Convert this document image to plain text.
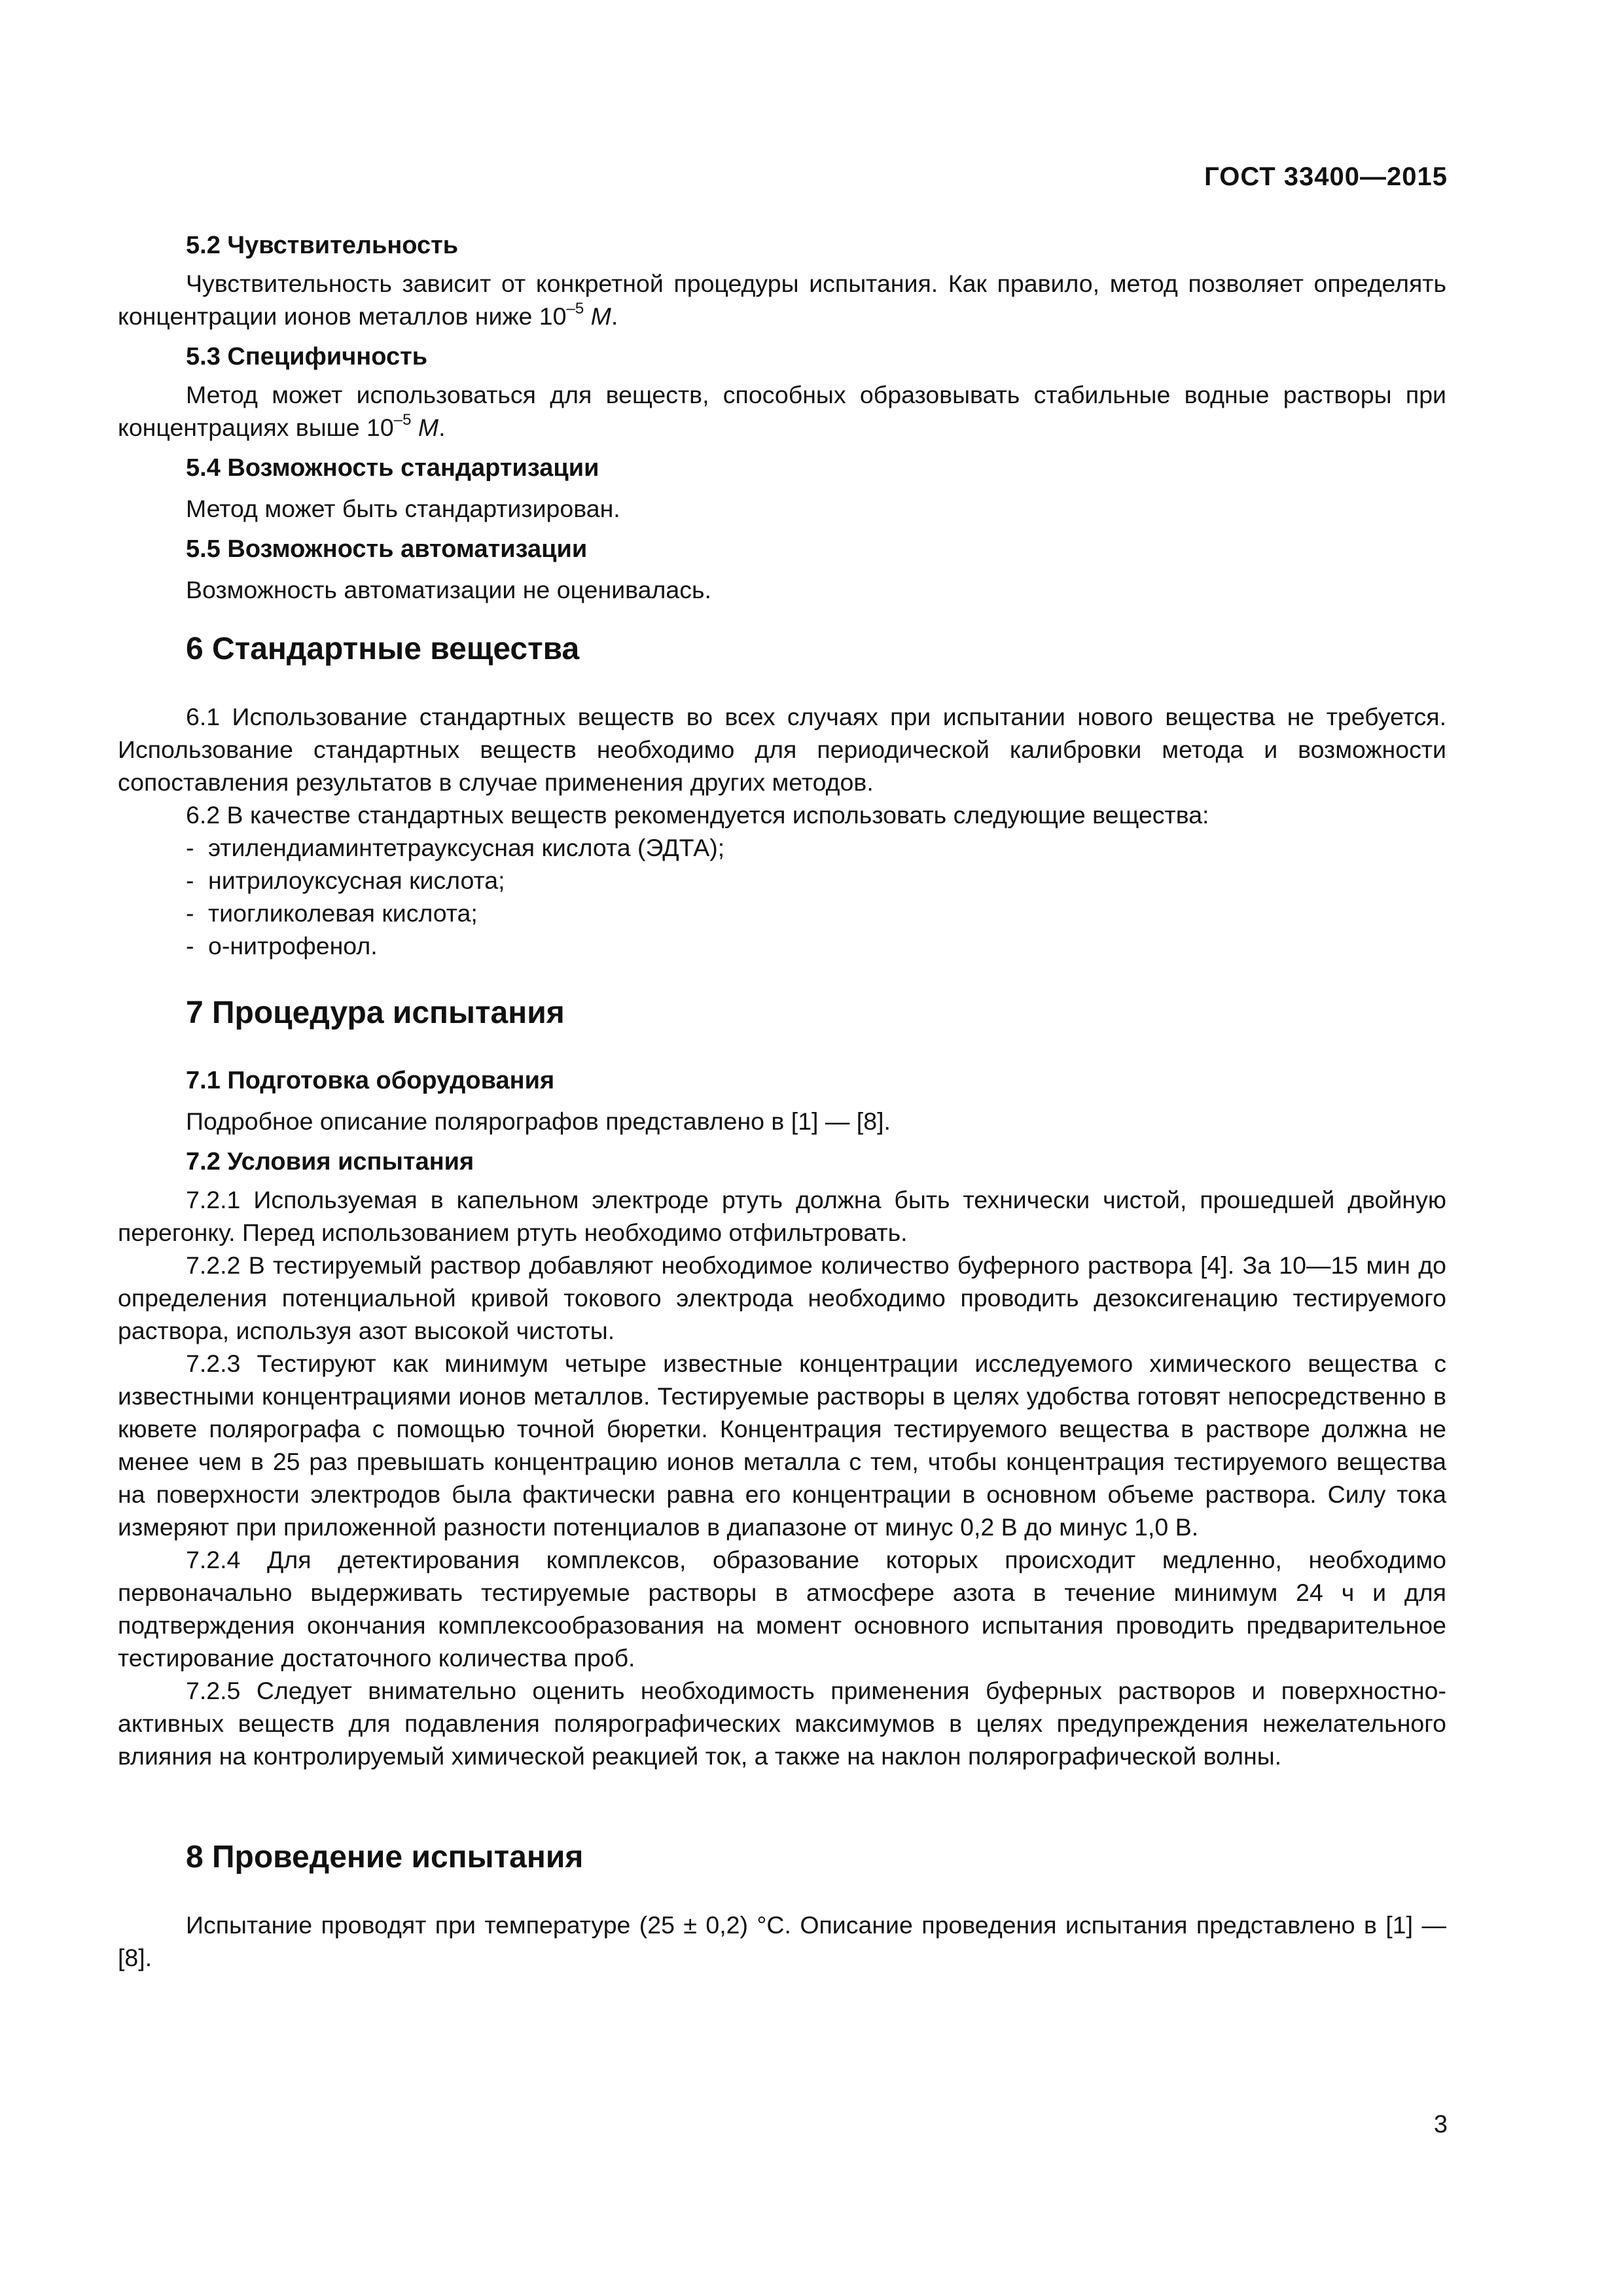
ГОСТ 33400—2015
5.2 Чувствительность

Чувствительность зависит от конкретной процедуры испытания. Как правило, метод позволяет определять концентрации ионов металлов ниже $10^{-5}$ M.

5.3 Специфичность

Метод может использоваться для веществ, способных образовывать стабильные водные растворы при концентрациях выше $10^{-5}$ M.

5.4 Возможность стандартизации

Метод может быть стандартизирован.

5.5 Возможность автоматизации

Возможность автоматизации не оценивалась.

6 Стандартные вещества

6.1 Использование стандартных веществ во всех случаях при испытании нового вещества не требуется. Использование стандартных веществ необходимо для периодической калибровки метода и возможности сопоставления результатов в случае применения других методов.

6.2 В качестве стандартных веществ рекомендуется использовать следующие вещества:

- этилендиаминтетрауксусная кислота (ЭДТА);
- нитрилоуксусная кислота;
- тиогликолевая кислота;
- о-нитрофенол.
7 Процедура испытания
7.1 Подготовка оборудования

Подробное описание полярографов представлено в [1] — [8].

7.2 Условия испытания

7.2.1 Используемая в капельном электроде ртуть должна быть технически чистой, прошедшей двойную перегонку. Перед использованием ртуть необходимо отфильтровать.

7.2.2 В тестируемый раствор добавляют необходимое количество буферного раствора [4]. За 10—15 мин до определения потенциальной кривой токового электрода необходимо проводить дезоксигенацию тестируемого раствора, используя азот высокой чистоты.

7.2.3 Тестируют как минимум четыре известные концентрации исследуемого химического вещества с известными концентрациями ионов металлов. Тестируемые растворы в целях удобства готовят непосредственно в кювете полярографа с помощью точной бюретки. Концентрация тестируемого вещества в растворе должна не менее чем в 25 раз превышать концентрацию ионов металла с тем, чтобы концентрация тестируемого вещества на поверхности электродов была фактически равна его концентрации в основном объеме раствора. Силу тока измеряют при приложенной разности потенциалов в диапазоне от минус 0,2 В до минус 1,0 В.

7.2.4 Для детектирования комплексов, образование которых происходит медленно, необходимо первоначально выдерживать тестируемые растворы в атмосфере азота в течение минимум 24 ч и для подтверждения окончания комплексообразования на момент основного испытания проводить предварительное тестирование достаточного количества проб.

7.2.5 Следует внимательно оценить необходимость применения буферных растворов и поверхностно-активных веществ для подавления полярографических максимумов в целях предупреждения нежелательного влияния на контролируемый химической реакцией ток, а также на наклон полярографической волны.

8 Проведение испытания

Испытание проводят при температуре (25 ± 0,2) °С. Описание проведения испытания представлено в [1] — [8].

3
